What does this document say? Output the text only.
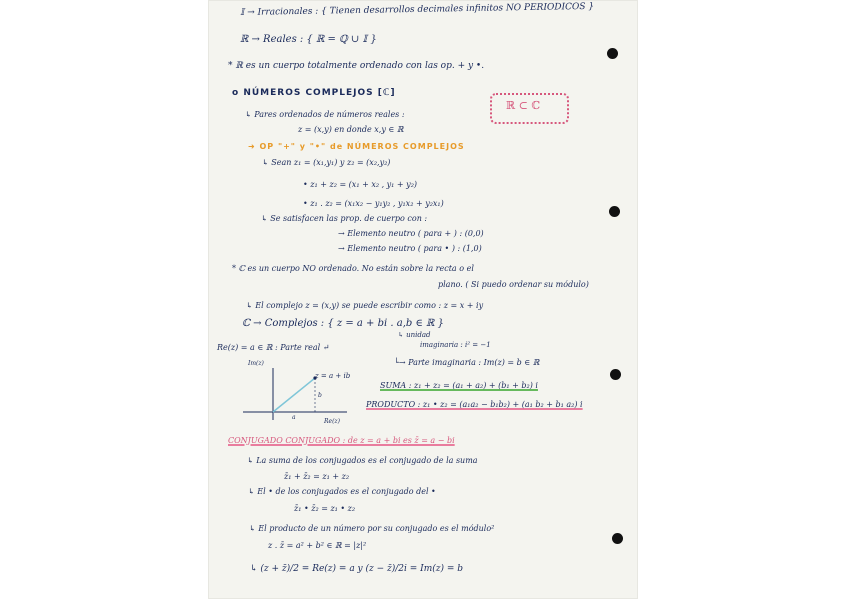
𝕀 → Irracionales : { Tienen desarrollos decimales infinitos NO PERIODICOS }
ℝ → Reales : { ℝ = ℚ ∪ 𝕀 }
* ℝ es un cuerpo totalmente ordenado con las op. + y •.
o NÚMEROS COMPLEJOS [ℂ]
ℝ ⊂ ℂ
↳ Pares ordenados de números reales :
z = (x,y) en donde x,y ∈ ℝ
➜ OP "+" y "•" de NÚMEROS COMPLEJOS
↳ Sean z₁ = (x₁,y₁) y z₂ = (x₂,y₂)
• z₁ + z₂ = (x₁ + x₂ , y₁ + y₂)
• z₁ . z₂ = (x₁x₂ − y₁y₂ , y₁x₂ + y₂x₁)
↳ Se satisfacen las prop. de cuerpo con :
→ Elemento neutro ( para + ) : (0,0)
→ Elemento neutro ( para • ) : (1,0)
* ℂ es un cuerpo NO ordenado. No están sobre la recta o el
plano. ( Si puedo ordenar su módulo)
↳ El complejo z = (x,y) se puede escribir como : z = x + iy
ℂ → Complejos : { z = a + bi . a,b ∈ ℝ }
↳ unidad
imaginaria : i² = −1
Re(z) = a ∈ ℝ : Parte real ↵
└→ Parte imaginaria : Im(z) = b ∈ ℝ
Im(z)
Re(z)
z = a + ib
b
a
SUMA : z₁ + z₂ = (a₁ + a₂) + (b₁ + b₂) i
PRODUCTO : z₁ • z₂ = (a₁a₂ − b₁b₂) + (a₁ b₂ + b₁ a₂) i
CONJUGADO CONJUGADO : de z = a + bi es z̄ = a − bi
↳ La suma de los conjugados es el conjugado de la suma
z̄₁ + z̄₂ = z₁ + z₂
↳ El • de los conjugados es el conjugado del •
z̄₁ • z̄₂ = z₁ • z₂
↳ El producto de un número por su conjugado es el módulo²
z . z̄ = a² + b² ∈ ℝ = |z|²
↳ (z + z̄)/2 = Re(z) = a y (z − z̄)/2i = Im(z) = b
